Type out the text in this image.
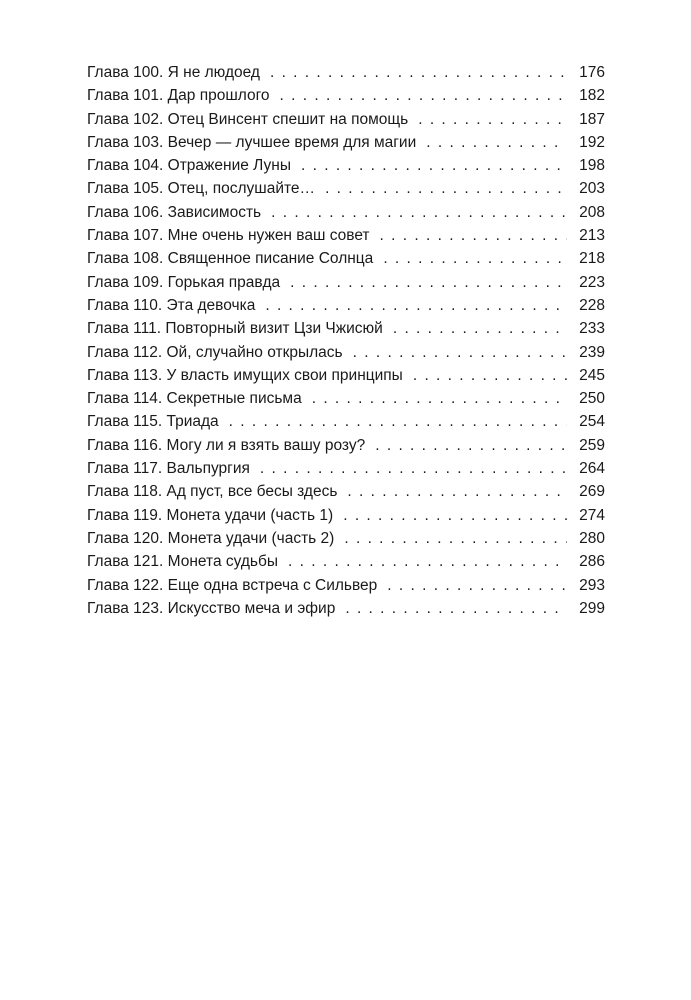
Глава 100. Я не людоед . . .	176
Глава 101. Дар прошлого . . .	182
Глава 102. Отец Винсент спешит на помощь . . .	187
Глава 103. Вечер — лучшее время для магии . . .	192
Глава 104. Отражение Луны . . .	198
Глава 105. Отец, послушайте… . . .	203
Глава 106. Зависимость . . .	208
Глава 107. Мне очень нужен ваш совет . . .	213
Глава 108. Священное писание Солнца . . .	218
Глава 109. Горькая правда . . .	223
Глава 110. Эта девочка . . .	228
Глава 111. Повторный визит Цзи Чжисюй . . .	233
Глава 112. Ой, случайно открылась . . .	239
Глава 113. У власть имущих свои принципы . . .	245
Глава 114. Секретные письма . . .	250
Глава 115. Триада . . .	254
Глава 116. Могу ли я взять вашу розу? . . .	259
Глава 117. Вальпургия . . .	264
Глава 118. Ад пуст, все бесы здесь . . .	269
Глава 119. Монета удачи (часть 1) . . .	274
Глава 120. Монета удачи (часть 2) . . .	280
Глава 121. Монета судьбы . . .	286
Глава 122. Еще одна встреча с Сильвер . . .	293
Глава 123. Искусство меча и эфир . . .	299
